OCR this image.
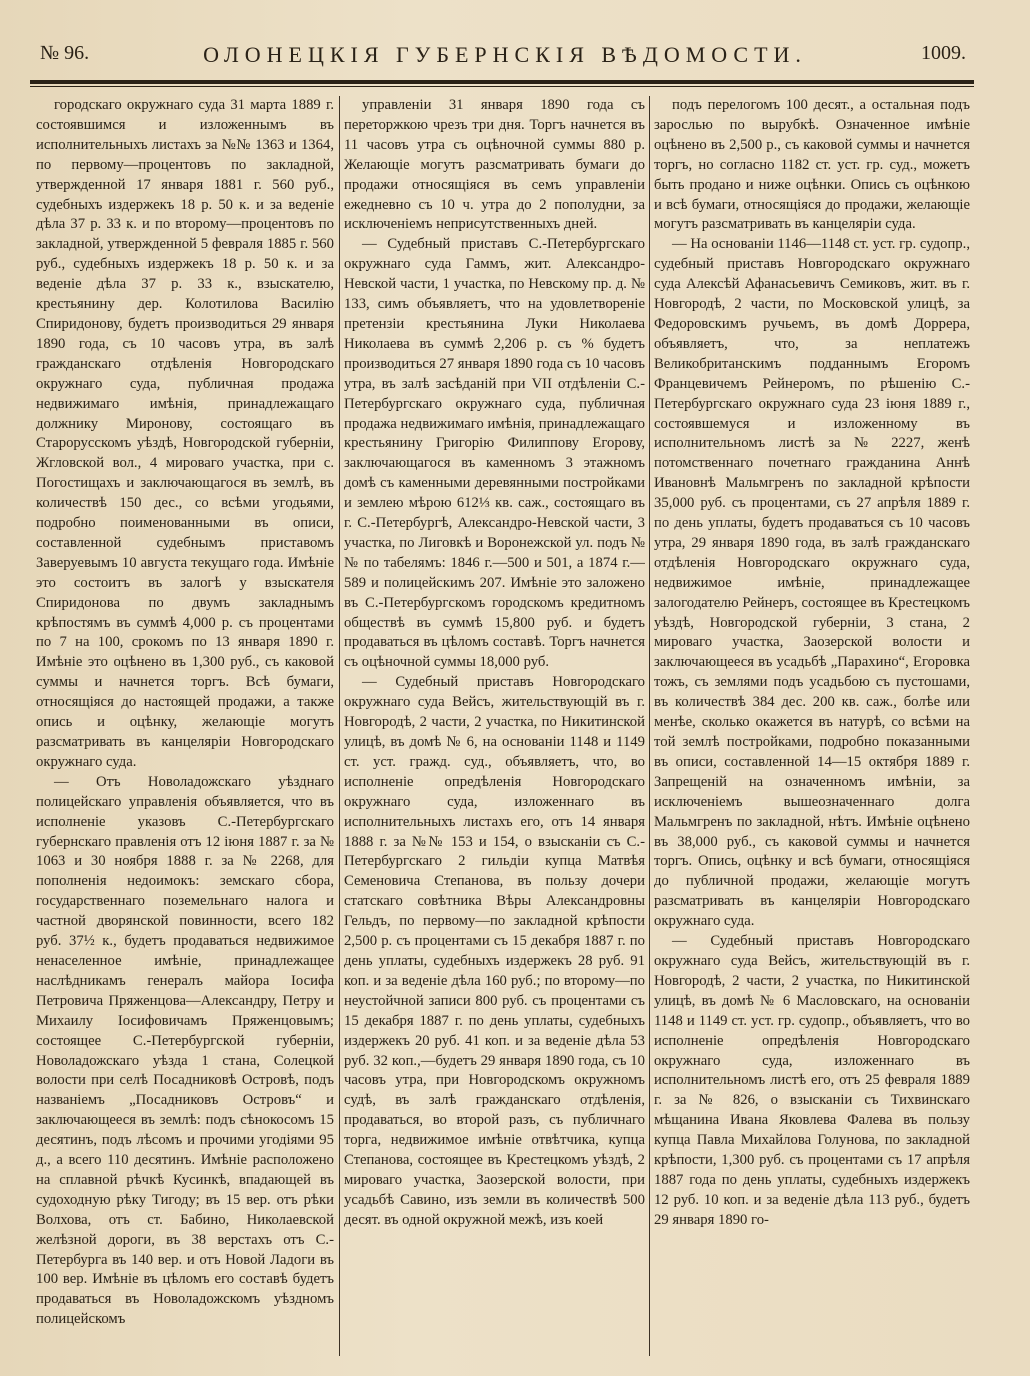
№ 96.	ОЛОНЕЦКІЯ ГУБЕРНСКІЯ ВѢДОМОСТИ.	1009.

городскаго окружнаго суда 31 марта 1889 г. состоявшимся и изложеннымъ въ исполнительныхъ листахъ за №№ 1363 и 1364, по первому—процентовъ по закладной, утвержденной 17 января 1881 г. 560 руб., судебныхъ издержекъ 18 р. 50 к. и за веденіе дѣла 37 р. 33 к. и по второму—процентовъ по закладной, утвержденной 5 февраля 1885 г. 560 руб., судебныхъ издержекъ 18 р. 50 к. и за веденіе дѣла 37 р. 33 к., взыскателю, крестьянину дер. Колотилова Василію Спиридонову, будетъ производиться 29 января 1890 года, съ 10 часовъ утра, въ залѣ гражданскаго отдѣленія Новгородскаго окружнаго суда, публичная продажа недвижимаго имѣнія, принадлежащаго должнику Миронову, состоящаго въ Старорусскомъ уѣздѣ, Новгородской губерніи, Жгловской вол., 4 мироваго участка, при с. Погостищахъ и заключающагося въ землѣ, въ количествѣ 150 дес., со всѣми угодьями, подробно поименованными въ описи, составленной судебнымъ приставомъ Заверуевымъ 10 августа текущаго года. Имѣніе это состоитъ въ залогѣ у взыскателя Спиридонова по двумъ закладнымъ крѣпостямъ въ суммѣ 4,000 р. съ процентами по 7 на 100, срокомъ по 13 января 1890 г. Имѣніе это оцѣнено въ 1,300 руб., съ каковой суммы и начнется торгъ. Всѣ бумаги, относящіяся до настоящей продажи, а также опись и оцѣнку, желающіе могутъ разсматривать въ канцеляріи Новгородскаго окружнаго суда.

— Отъ Новоладожскаго уѣзднаго полицейскаго управленія объявляется, что въ исполненіе указовъ С.-Петербургскаго губернскаго правленія отъ 12 іюня 1887 г. за № 1063 и 30 ноября 1888 г. за № 2268, для пополненія недоимокъ: земскаго сбора, государственнаго поземельнаго налога и частной дворянской повинности, всего 182 руб. 37½ к., будетъ продаваться недвижимое ненаселенное имѣніе, принадлежащее наслѣдникамъ генералъ майора Іосифа Петровича Пряженцова—Александру, Петру и Михаилу Іосифовичамъ Пряженцовымъ; состоящее С.-Петербургской губерніи, Новоладожскаго уѣзда 1 стана, Солецкой волости при селѣ Посадниковѣ Островѣ, подъ названіемъ „Посадниковъ Островъ“ и заключающееся въ землѣ: подъ сѣнокосомъ 15 десятинъ, подъ лѣсомъ и прочими угодіями 95 д., а всего 110 десятинъ. Имѣніе расположено на сплавной рѣчкѣ Кусинкѣ, впадающей въ судоходную рѣку Тигоду; въ 15 вер. отъ рѣки Волхова, отъ ст. Бабино, Николаевской желѣзной дороги, въ 38 верстахъ отъ С.-Петербурга въ 140 вер. и отъ Новой Ладоги въ 100 вер. Имѣніе въ цѣломъ его составѣ будетъ продаваться въ Новоладожскомъ уѣздномъ полицейскомъ

управленіи 31 января 1890 года съ переторжкою чрезъ три дня. Торгъ начнется въ 11 часовъ утра съ оцѣночной суммы 880 р. Желающіе могутъ разсматривать бумаги до продажи относящіяся въ семъ управленіи ежедневно съ 10 ч. утра до 2 пополудни, за исключеніемъ неприсутственныхъ дней.

— Судебный приставъ С.-Петербургскаго окружнаго суда Гаммъ, жит. Александро-Невской части, 1 участка, по Невскому пр. д. № 133, симъ объявляетъ, что на удовлетвореніе претензіи крестьянина Луки Николаева Николаева въ суммѣ 2,206 р. съ % будетъ производиться 27 января 1890 года съ 10 часовъ утра, въ залѣ засѣданій при VII отдѣленіи С.-Петербургскаго окружнаго суда, публичная продажа недвижимаго имѣнія, принадлежащаго крестьянину Григорію Филиппову Егорову, заключающагося въ каменномъ 3 этажномъ домѣ съ каменными деревянными постройками и землею мѣрою 612⅓ кв. саж., состоящаго въ г. С.-Петербургѣ, Александро-Невской части, 3 участка, по Лиговкѣ и Воронежской ул. подъ №№ по табелямъ: 1846 г.—500 и 501, а 1874 г.—589 и полицейскимъ 207. Имѣніе это заложено въ С.-Петербургскомъ городскомъ кредитномъ обществѣ въ суммѣ 15,800 руб. и будетъ продаваться въ цѣломъ составѣ. Торгъ начнется съ оцѣночной суммы 18,000 руб.

— Судебный приставъ Новгородскаго окружнаго суда Вейсъ, жительствующій въ г. Новгородѣ, 2 части, 2 участка, по Никитинской улицѣ, въ домѣ № 6, на основаніи 1148 и 1149 ст. уст. гражд. суд., объявляетъ, что, во исполненіе опредѣленія Новгородскаго окружнаго суда, изложеннаго въ исполнительныхъ листахъ его, отъ 14 января 1888 г. за №№ 153 и 154, о взысканіи съ С.-Петербургскаго 2 гильдіи купца Матвѣя Семеновича Степанова, въ пользу дочери статскаго совѣтника Вѣры Александровны Гельдъ, по первому—по закладной крѣпости 2,500 р. съ процентами съ 15 декабря 1887 г. по день уплаты, судебныхъ издержекъ 28 руб. 91 коп. и за веденіе дѣла 160 руб.; по второму—по неустойчной записи 800 руб. съ процентами съ 15 декабря 1887 г. по день уплаты, судебныхъ издержекъ 20 руб. 41 коп. и за веденіе дѣла 53 руб. 32 коп.,—будетъ 29 января 1890 года, съ 10 часовъ утра, при Новгородскомъ окружномъ судѣ, въ залѣ гражданскаго отдѣленія, продаваться, во второй разъ, съ публичнаго торга, недвижимое имѣніе отвѣтчика, купца Степанова, состоящее въ Крестецкомъ уѣздѣ, 2 мироваго участка, Заозерской волости, при усадьбѣ Савино, изъ земли въ количествѣ 500 десят. въ одной окружной межѣ, изъ коей

подъ перелогомъ 100 десят., а остальная подъ зарослью по вырубкѣ. Означенное имѣніе оцѣнено въ 2,500 р., съ каковой суммы и начнется торгъ, но согласно 1182 ст. уст. гр. суд., можетъ быть продано и ниже оцѣнки. Опись съ оцѣнкою и всѣ бумаги, относящіяся до продажи, желающіе могутъ разсматривать въ канцеляріи суда.

— На основаніи 1146—1148 ст. уст. гр. судопр., судебный приставъ Новгородскаго окружнаго суда Алексѣй Афанасьевичъ Семиковъ, жит. въ г. Новгородѣ, 2 части, по Московской улицѣ, за Федоровскимъ ручьемъ, въ домѣ Доррера, объявляетъ, что, за неплатежъ Великобританскимъ подданнымъ Егоромъ Францевичемъ Рейнеромъ, по рѣшенію С.-Петербургскаго окружнаго суда 23 іюня 1889 г., состоявшемуся и изложенному въ исполнительномъ листѣ за № 2227, женѣ потомственнаго почетнаго гражданина Аннѣ Ивановнѣ Мальмгренъ по закладной крѣпости 35,000 руб. съ процентами, съ 27 апрѣля 1889 г. по день уплаты, будетъ продаваться съ 10 часовъ утра, 29 января 1890 года, въ залѣ гражданскаго отдѣленія Новгородскаго окружнаго суда, недвижимое имѣніе, принадлежащее залогодателю Рейнеръ, состоящее въ Крестецкомъ уѣздѣ, Новгородской губерніи, 3 стана, 2 мироваго участка, Заозерской волости и заключающееся въ усадьбѣ „Парахино“, Егоровка тожъ, съ землями подъ усадьбою съ пустошами, въ количествѣ 384 дес. 200 кв. саж., болѣе или менѣе, сколько окажется въ натурѣ, со всѣми на той землѣ постройками, подробно показанными въ описи, составленной 14—15 октября 1889 г. Запрещеній на означенномъ имѣніи, за исключеніемъ вышеозначеннаго долга Мальмгренъ по закладной, нѣтъ. Имѣніе оцѣнено въ 38,000 руб., съ каковой суммы и начнется торгъ. Опись, оцѣнку и всѣ бумаги, относящіяся до публичной продажи, желающіе могутъ разсматривать въ канцеляріи Новгородскаго окружнаго суда.

— Судебный приставъ Новгородскаго окружнаго суда Вейсъ, жительствующій въ г. Новгородѣ, 2 части, 2 участка, по Никитинской улицѣ, въ домѣ № 6 Масловскаго, на основаніи 1148 и 1149 ст. уст. гр. судопр., объявляетъ, что во исполненіе опредѣленія Новгородскаго окружнаго суда, изложеннаго въ исполнительномъ листѣ его, отъ 25 февраля 1889 г. за № 826, о взысканіи съ Тихвинскаго мѣщанина Ивана Яковлева Фалева въ пользу купца Павла Михайлова Голунова, по закладной крѣпости, 1,300 руб. съ процентами съ 17 апрѣля 1887 года по день уплаты, судебныхъ издержекъ 12 руб. 10 коп. и за веденіе дѣла 113 руб., будетъ 29 января 1890 го-
